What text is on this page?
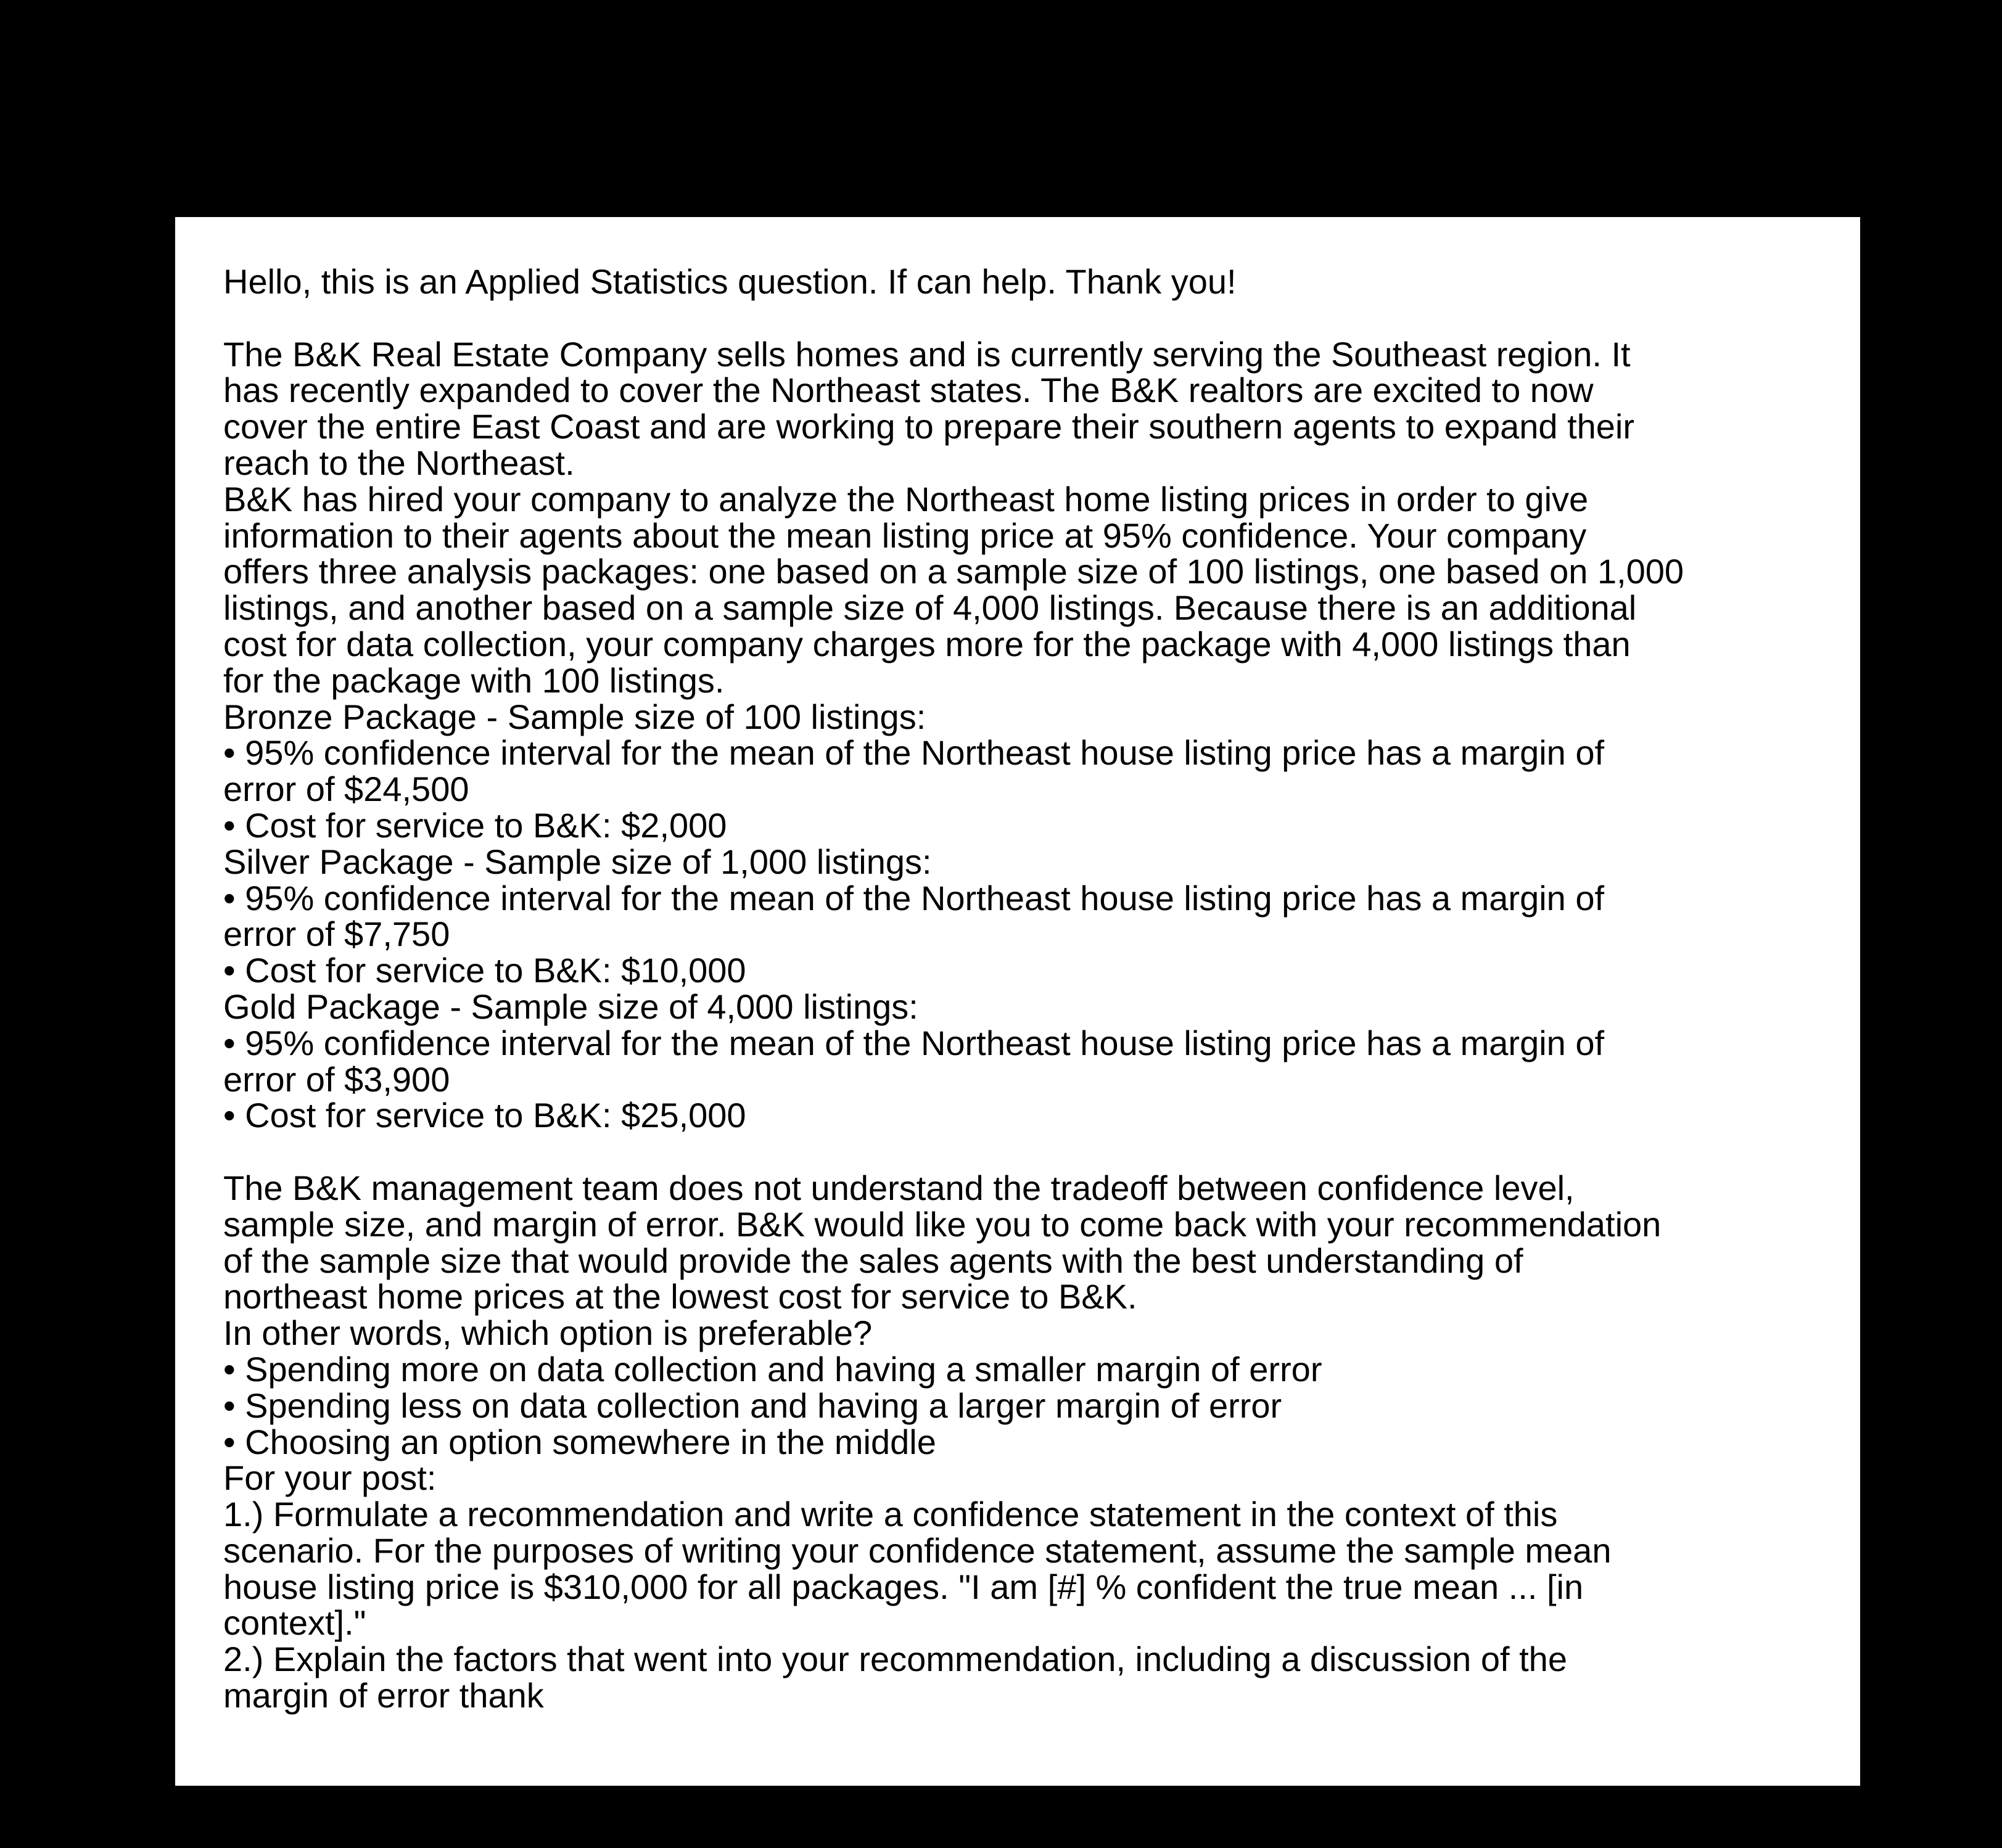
Hello, this is an Applied Statistics question. If can help. Thank you!
The B&K Real Estate Company sells homes and is currently serving the Southeast region. It
has recently expanded to cover the Northeast states. The B&K realtors are excited to now
cover the entire East Coast and are working to prepare their southern agents to expand their
reach to the Northeast.
B&K has hired your company to analyze the Northeast home listing prices in order to give
information to their agents about the mean listing price at 95% confidence. Your company
offers three analysis packages: one based on a sample size of 100 listings, one based on 1,000
listings, and another based on a sample size of 4,000 listings. Because there is an additional
cost for data collection, your company charges more for the package with 4,000 listings than
for the package with 100 listings.
Bronze Package - Sample size of 100 listings:
• 95% confidence interval for the mean of the Northeast house listing price has a margin of
error of $24,500
• Cost for service to B&K: $2,000
Silver Package - Sample size of 1,000 listings:
• 95% confidence interval for the mean of the Northeast house listing price has a margin of
error of $7,750
• Cost for service to B&K: $10,000
Gold Package - Sample size of 4,000 listings:
• 95% confidence interval for the mean of the Northeast house listing price has a margin of
error of $3,900
• Cost for service to B&K: $25,000
The B&K management team does not understand the tradeoff between confidence level,
sample size, and margin of error. B&K would like you to come back with your recommendation
of the sample size that would provide the sales agents with the best understanding of
northeast home prices at the lowest cost for service to B&K.
In other words, which option is preferable?
• Spending more on data collection and having a smaller margin of error
• Spending less on data collection and having a larger margin of error
• Choosing an option somewhere in the middle
For your post:
1.) Formulate a recommendation and write a confidence statement in the context of this
scenario. For the purposes of writing your confidence statement, assume the sample mean
house listing price is $310,000 for all packages. "I am [#] % confident the true mean ... [in
context]."
2.) Explain the factors that went into your recommendation, including a discussion of the
margin of error thank
